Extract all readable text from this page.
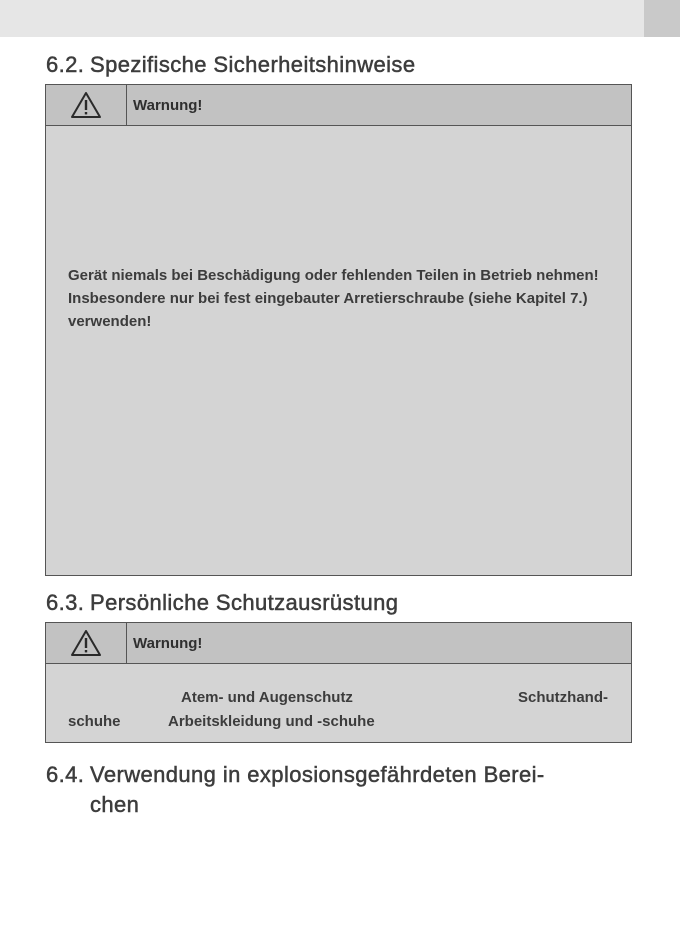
6.2. Spezifische Sicherheitshinweise
Warnung!

Gerät niemals bei Beschädigung oder fehlenden Teilen in Betrieb nehmen! Insbesondere nur bei fest eingebauter Arretierschraube (siehe Kapitel 7.) verwenden!

6.3. Persönliche Schutzausrüstung
Warnung!
Atem- und Augenschutz	Schutzhand-
schuhe	Arbeitskleidung und -schuhe
6.4. Verwendung in explosionsgefährdeten Berei-
chen
